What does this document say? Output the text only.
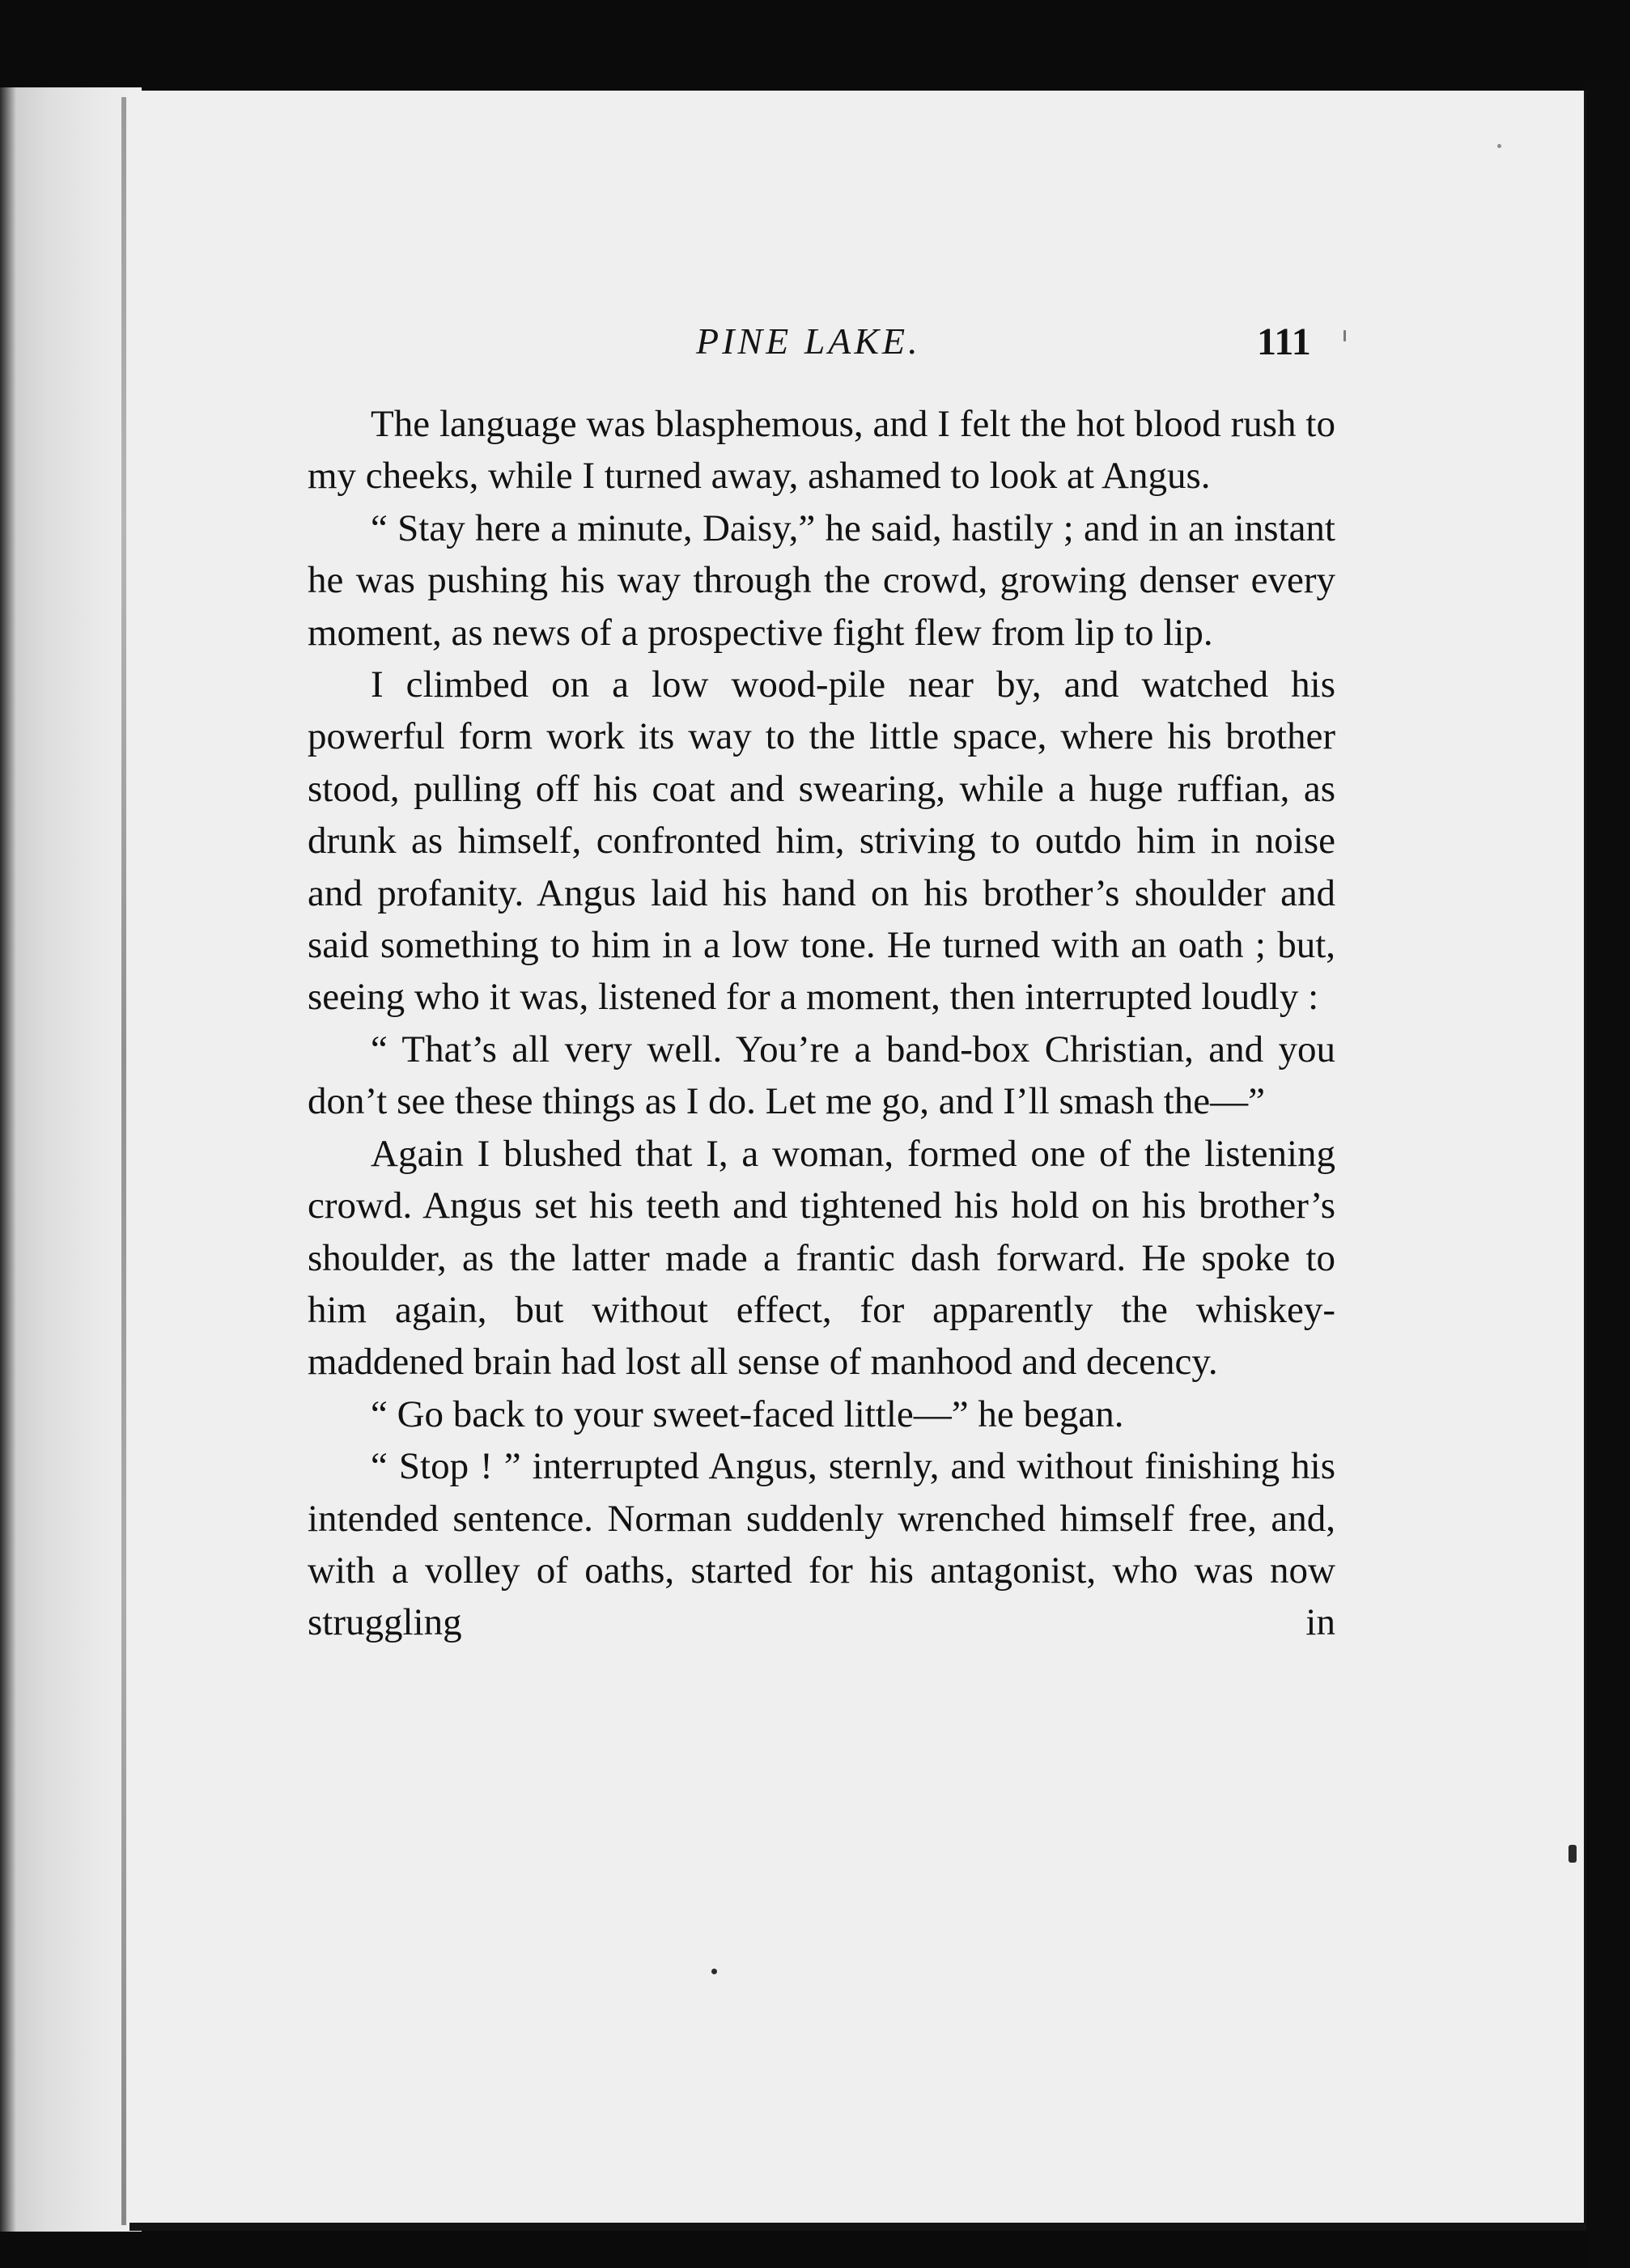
PINE LAKE.	111

The language was blasphemous, and I felt the hot blood rush to my cheeks, while I turned away, ashamed to look at Angus.

“ Stay here a minute, Daisy,” he said, hastily ; and in an instant he was pushing his way through the crowd, growing denser every moment, as news of a prospective fight flew from lip to lip.

I climbed on a low wood-pile near by, and watched his powerful form work its way to the little space, where his brother stood, pulling off his coat and swearing, while a huge ruffian, as drunk as himself, confronted him, striving to outdo him in noise and profanity. Angus laid his hand on his brother’s shoulder and said something to him in a low tone. He turned with an oath ; but, seeing who it was, listened for a moment, then interrupted loudly :

“ That’s all very well. You’re a band-box Christian, and you don’t see these things as I do. Let me go, and I’ll smash the—”

Again I blushed that I, a woman, formed one of the listening crowd. Angus set his teeth and tightened his hold on his brother’s shoulder, as the latter made a frantic dash forward. He spoke to him again, but without effect, for apparently the whiskey-maddened brain had lost all sense of manhood and decency.

“ Go back to your sweet-faced little—” he began.

“ Stop ! ” interrupted Angus, sternly, and without finishing his intended sentence. Norman suddenly wrenched himself free, and, with a volley of oaths, started for his antagonist, who was now struggling in
